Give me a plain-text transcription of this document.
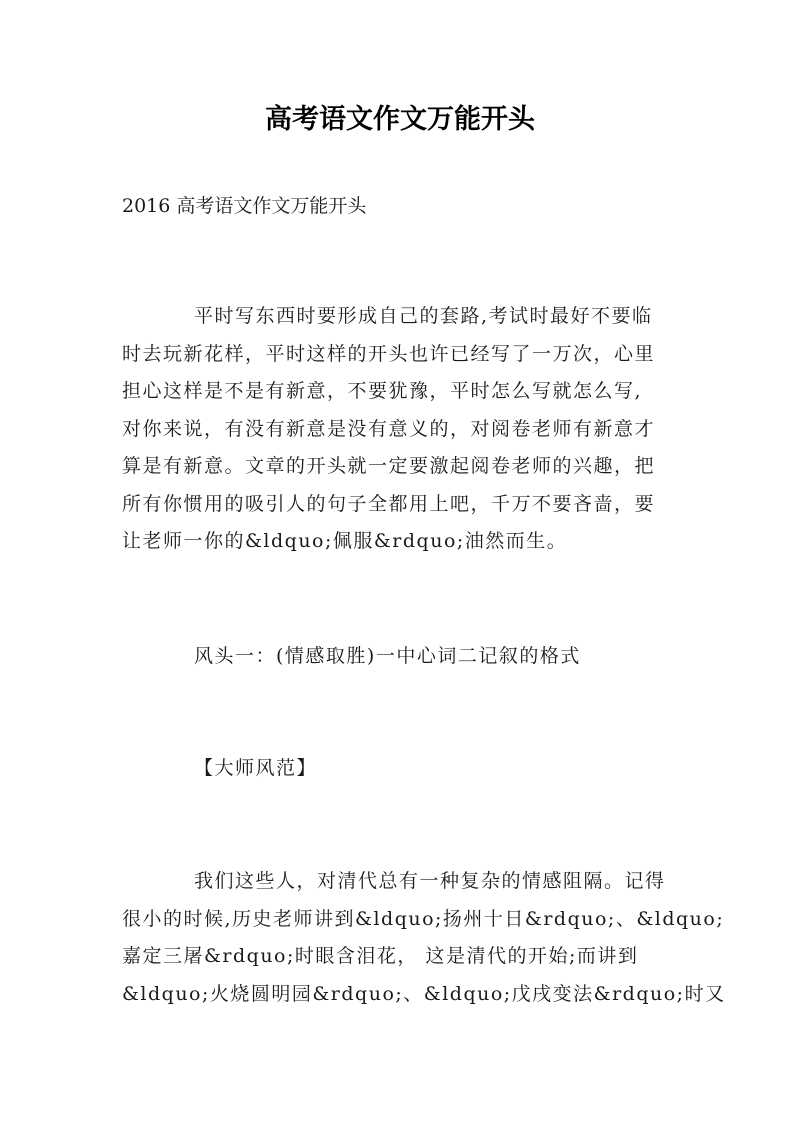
高考语文作文万能开头

2016 高考语文作文万能开头

平时写东西时要形成自己的套路,考试时最好不要临
时去玩新花样，平时这样的开头也许已经写了一万次，心里
担心这样是不是有新意，不要犹豫，平时怎么写就怎么写,
对你来说，有没有新意是没有意义的，对阅卷老师有新意才
算是有新意。文章的开头就一定要激起阅卷老师的兴趣，把
所有你惯用的吸引人的句子全都用上吧，千万不要吝啬，要
让老师一你的&ldquo;佩服&rdquo;油然而生。

风头一：(情感取胜)一中心词二记叙的格式

【大师风范】

我们这些人，对清代总有一种复杂的情感阻隔。记得
很小的时候,历史老师讲到&ldquo;扬州十日&rdquo;、&ldquo;
嘉定三屠&rdquo;时眼含泪花， 这是清代的开始;而讲到
&ldquo;火烧圆明园&rdquo;、&ldquo;戊戌变法&rdquo;时又
